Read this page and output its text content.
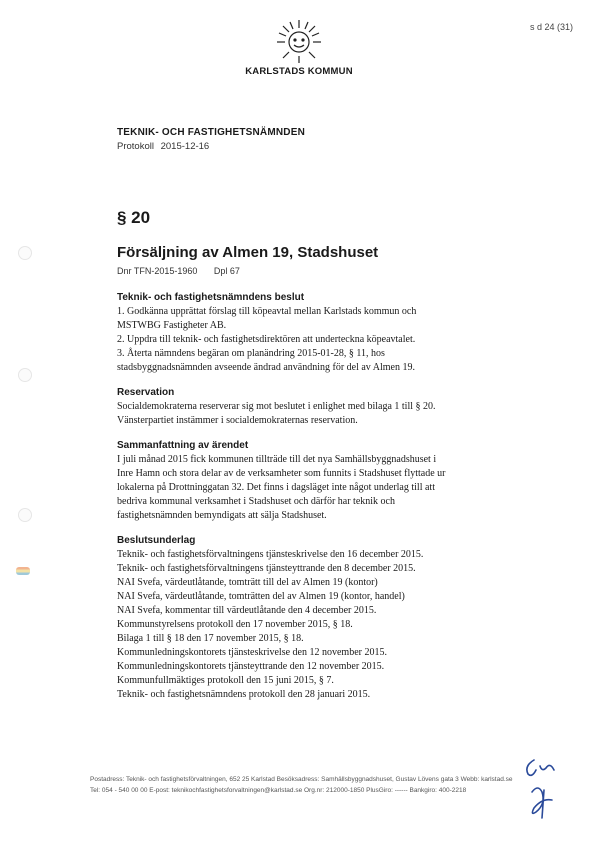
s d 24 (31)
KARLSTADS KOMMUN
TEKNIK- OCH FASTIGHETSNÄMNDEN
Protokoll 2015-12-16
§ 20
Försäljning av Almen 19, Stadshuset
Dnr TFN-2015-1960 Dpl 67
Teknik- och fastighetsnämndens beslut

1. Godkänna upprättat förslag till köpeavtal mellan Karlstads kommun och

MSTWBG Fastigheter AB.

2. Uppdra till teknik- och fastighetsdirektören att underteckna köpeavtalet.

3. Återta nämndens begäran om planändring 2015-01-28, § 11, hos

stadsbyggnadsnämnden avseende ändrad användning för del av Almen 19.

Reservation

Socialdemokraterna reserverar sig mot beslutet i enlighet med bilaga 1 till § 20.

Vänsterpartiet instämmer i socialdemokraternas reservation.

Sammanfattning av ärendet

I juli månad 2015 fick kommunen tillträde till det nya Samhällsbyggnadshuset i

Inre Hamn och stora delar av de verksamheter som funnits i Stadshuset flyttade ur

lokalerna på Drottninggatan 32. Det finns i dagsläget inte något underlag till att

bedriva kommunal verksamhet i Stadshuset och därför har teknik och

fastighetsnämnden bemyndigats att sälja Stadshuset.

Beslutsunderlag
Teknik- och fastighetsförvaltningens tjänsteskrivelse den 16 december 2015.
Teknik- och fastighetsförvaltningens tjänsteyttrande den 8 december 2015.
NAI Svefa, värdeutlåtande, tomträtt till del av Almen 19 (kontor)
NAI Svefa, värdeutlåtande, tomträtten del av Almen 19 (kontor, handel)
NAI Svefa, kommentar till värdeutlåtande den 4 december 2015.
Kommunstyrelsens protokoll den 17 november 2015, § 18.
Bilaga 1 till § 18 den 17 november 2015, § 18.
Kommunledningskontorets tjänsteskrivelse den 12 november 2015.
Kommunledningskontorets tjänsteyttrande den 12 november 2015.
Kommunfullmäktiges protokoll den 15 juni 2015, § 7.
Teknik- och fastighetsnämndens protokoll den 28 januari 2015.
Postadress: Teknik- och fastighetsförvaltningen, 652 25 Karlstad Besöksadress: Samhällsbyggnadshuset, Gustav Lövens gata 3 Webb: karlstad.se
Tel: 054 - 540 00 00 E-post: teknikochfastighetsforvaltningen@karlstad.se Org.nr: 212000-1850 PlusGiro: ------ Bankgiro: 400-2218
